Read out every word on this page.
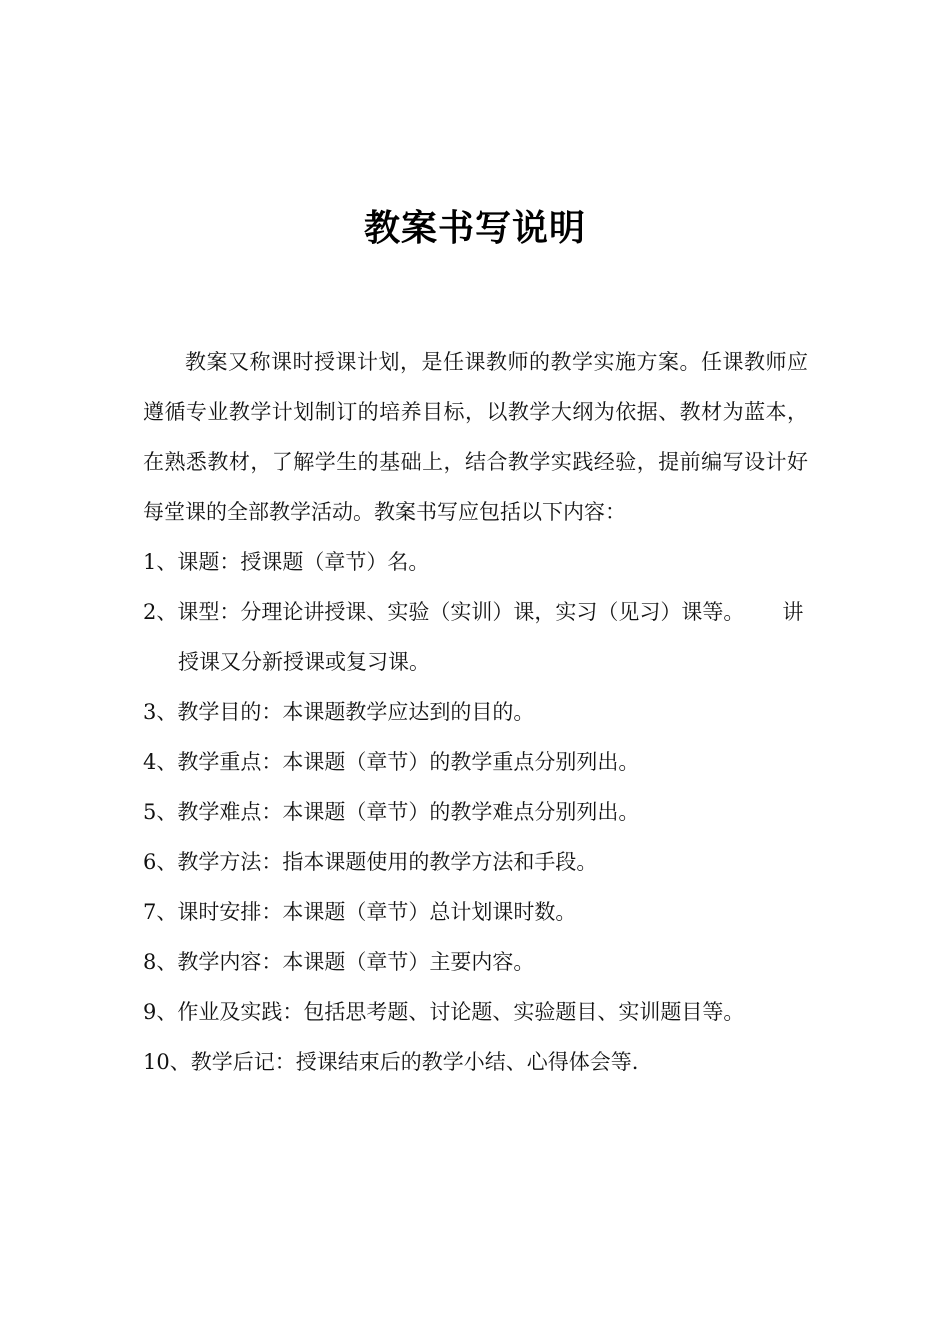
教案书写说明

教案又称课时授课计划，是任课教师的教学实施方案。任课教师应遵循专业教学计划制订的培养目标，以教学大纲为依据、教材为蓝本，在熟悉教材，了解学生的基础上，结合教学实践经验，提前编写设计好每堂课的全部教学活动。教案书写应包括以下内容：

1、课题：授课题（章节）名。
2、课型：分理论讲授课、实验（实训）课，实习（见习）课等。 讲授课又分新授课或复习课。
3、教学目的：本课题教学应达到的目的。
4、教学重点：本课题（章节）的教学重点分别列出。
5、教学难点：本课题（章节）的教学难点分别列出。
6、教学方法：指本课题使用的教学方法和手段。
7、课时安排：本课题（章节）总计划课时数。
8、教学内容：本课题（章节）主要内容。
9、作业及实践：包括思考题、讨论题、实验题目、实训题目等。
10、教学后记：授课结束后的教学小结、心得体会等.
